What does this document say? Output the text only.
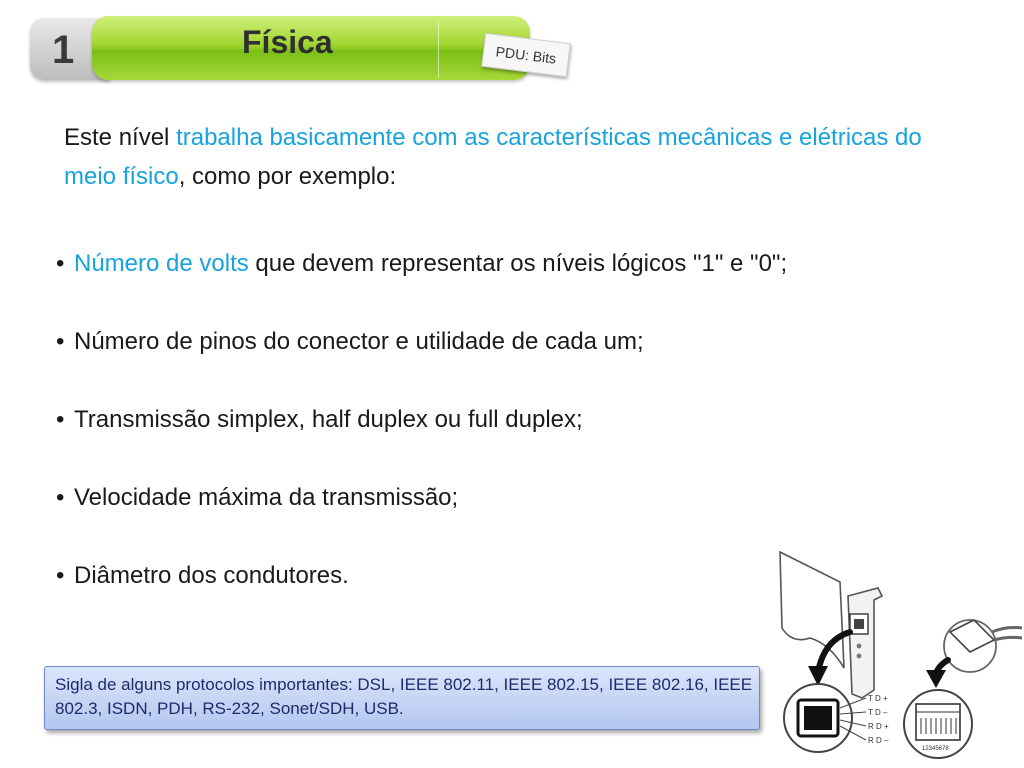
1	Física	PDU: Bits
Este nível trabalha basicamente com as características mecânicas e elétricas do meio físico, como por exemplo:
• Número de volts que devem representar os níveis lógicos "1" e "0";
• Número de pinos do conector e utilidade de cada um;
• Transmissão simplex, half duplex ou full duplex;
• Velocidade máxima da transmissão;
• Diâmetro dos condutores.
Sigla de alguns protocolos importantes: DSL, IEEE 802.11, IEEE 802.15, IEEE 802.16, IEEE 802.3, ISDN, PDH, RS-232, Sonet/SDH, USB.
T D +
T D –
R D +
R D –
12345678
